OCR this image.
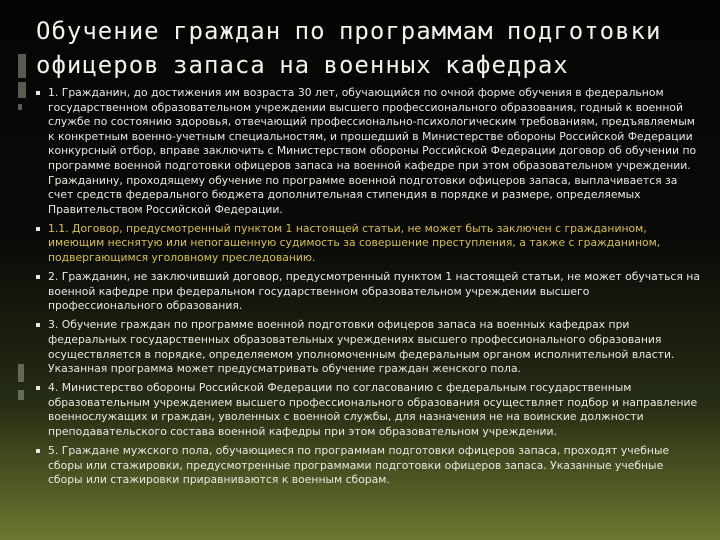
Обучение граждан по программам подготовки офицеров запаса на военных кафедрах
1. Гражданин, до достижения им возраста 30 лет, обучающийся по очной форме обучения в федеральном государственном образовательном учреждении высшего профессионального образования, годный к военной службе по состоянию здоровья, отвечающий профессионально-психологическим требованиям, предъявляемым к конкретным военно-учетным специальностям, и прошедший в Министерстве обороны Российской Федерации конкурсный отбор, вправе заключить с Министерством обороны Российской Федерации договор об обучении по программе военной подготовки офицеров запаса на военной кафедре при этом образовательном учреждении. Гражданину, проходящему обучение по программе военной подготовки офицеров запаса, выплачивается за счет средств федерального бюджета дополнительная стипендия в порядке и размере, определяемых Правительством Российской Федерации.
1.1. Договор, предусмотренный пунктом 1 настоящей статьи, не может быть заключен с гражданином, имеющим неснятую или непогашенную судимость за совершение преступления, а также с гражданином, подвергающимся уголовному преследованию.
2. Гражданин, не заключивший договор, предусмотренный пунктом 1 настоящей статьи, не может обучаться на военной кафедре при федеральном государственном образовательном учреждении высшего профессионального образования.
3. Обучение граждан по программе военной подготовки офицеров запаса на военных кафедрах при федеральных государственных образовательных учреждениях высшего профессионального образования осуществляется в порядке, определяемом уполномоченным федеральным органом исполнительной власти. Указанная программа может предусматривать обучение граждан женского пола.
4. Министерство обороны Российской Федерации по согласованию с федеральным государственным образовательным учреждением высшего профессионального образования осуществляет подбор и направление военнослужащих и граждан, уволенных с военной службы, для назначения не на воинские должности преподавательского состава военной кафедры при этом образовательном учреждении.
5. Граждане мужского пола, обучающиеся по программам подготовки офицеров запаса, проходят учебные сборы или стажировки, предусмотренные программами подготовки офицеров запаса. Указанные учебные сборы или стажировки приравниваются к военным сборам.
